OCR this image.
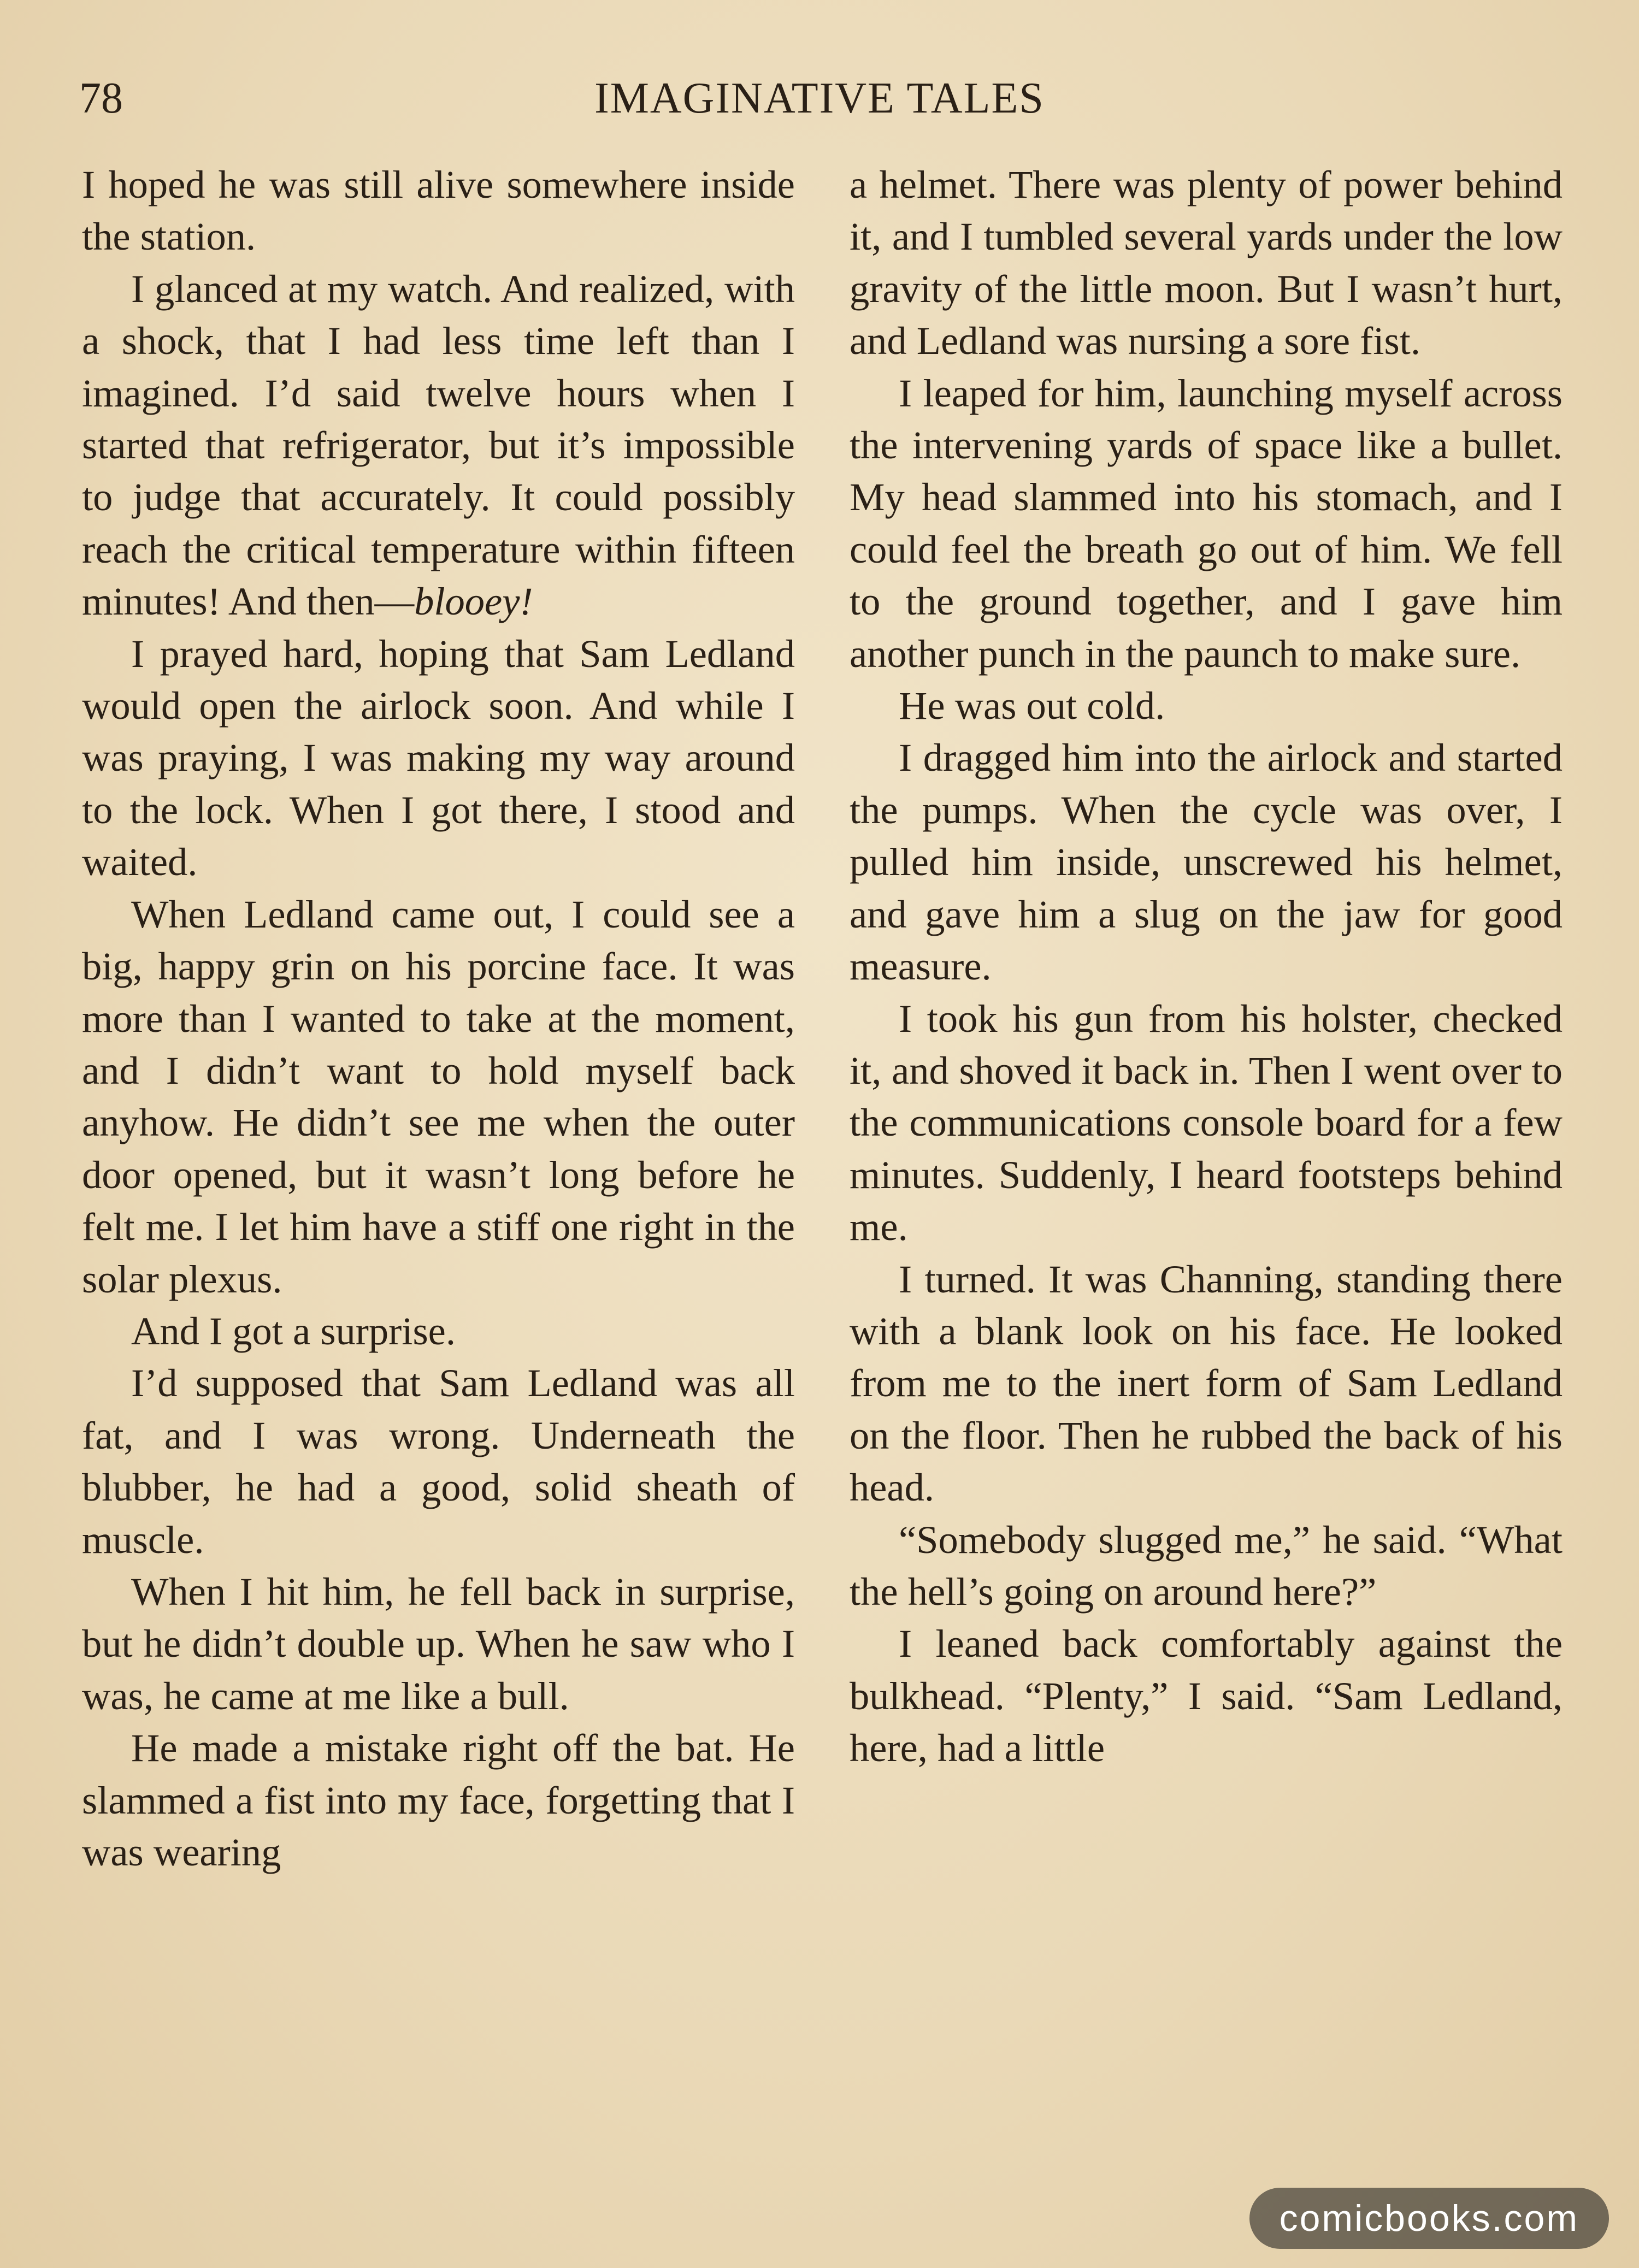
78	IMAGINATIVE TALES

I hoped he was still alive somewhere inside the station.

I glanced at my watch. And realized, with a shock, that I had less time left than I imagined. I’d said twelve hours when I started that refrigerator, but it’s impossible to judge that accurately. It could possibly reach the critical temperature within fifteen minutes! And then—blooey!

I prayed hard, hoping that Sam Ledland would open the airlock soon. And while I was praying, I was making my way around to the lock. When I got there, I stood and waited.

When Ledland came out, I could see a big, happy grin on his porcine face. It was more than I wanted to take at the moment, and I didn’t want to hold myself back anyhow. He didn’t see me when the outer door opened, but it wasn’t long before he felt me. I let him have a stiff one right in the solar plexus.

And I got a surprise.

I’d supposed that Sam Ledland was all fat, and I was wrong. Underneath the blubber, he had a good, solid sheath of muscle.

When I hit him, he fell back in surprise, but he didn’t double up. When he saw who I was, he came at me like a bull.

He made a mistake right off the bat. He slammed a fist into my face, forgetting that I was wearing

a helmet. There was plenty of power behind it, and I tumbled several yards under the low gravity of the little moon. But I wasn’t hurt, and Ledland was nursing a sore fist.

I leaped for him, launching myself across the intervening yards of space like a bullet. My head slammed into his stomach, and I could feel the breath go out of him. We fell to the ground together, and I gave him another punch in the paunch to make sure.

He was out cold.

I dragged him into the airlock and started the pumps. When the cycle was over, I pulled him inside, unscrewed his helmet, and gave him a slug on the jaw for good measure.

I took his gun from his holster, checked it, and shoved it back in. Then I went over to the communications console board for a few minutes. Suddenly, I heard footsteps behind me.

I turned. It was Channing, standing there with a blank look on his face. He looked from me to the inert form of Sam Ledland on the floor. Then he rubbed the back of his head.

“Somebody slugged me,” he said. “What the hell’s going on around here?”

I leaned back comfortably against the bulkhead. “Plenty,” I said. “Sam Ledland, here, had a little

comicbooks.com
